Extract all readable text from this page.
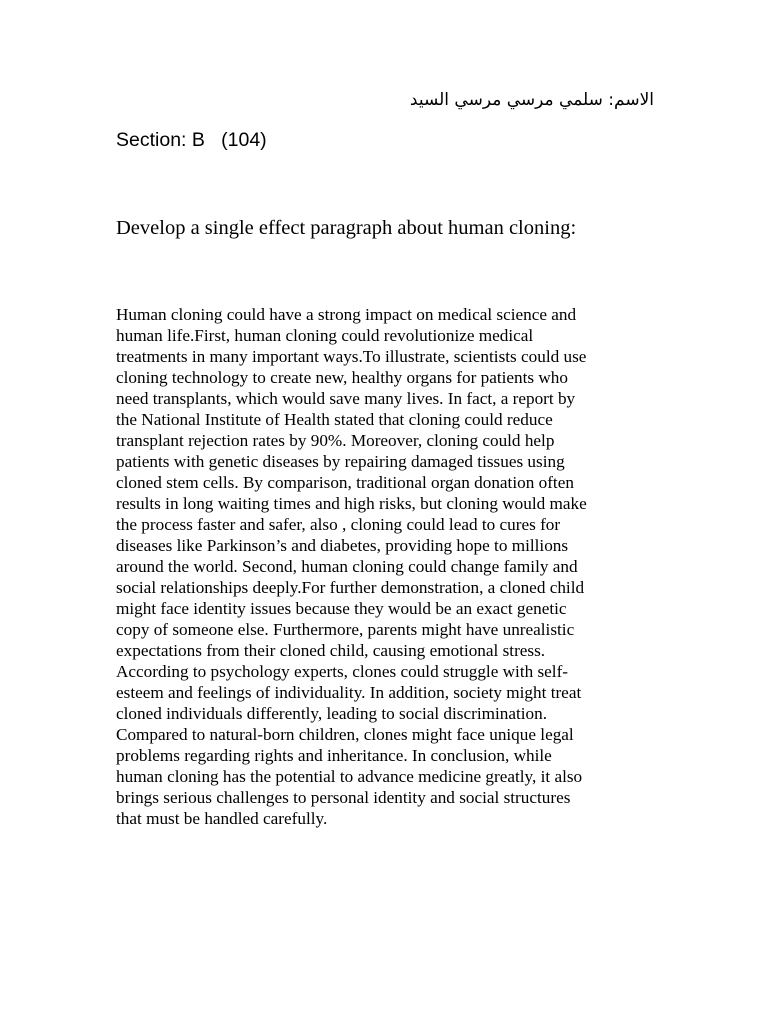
الاسم: سلمي مرسي مرسي السيد
Section: B   (104)
Develop a single effect paragraph about human cloning:

Human cloning could have a strong impact on medical science and
human life.First, human cloning could revolutionize medical
treatments in many important ways.To illustrate, scientists could use
cloning technology to create new, healthy organs for patients who
need transplants, which would save many lives. In fact, a report by
the National Institute of Health stated that cloning could reduce
transplant rejection rates by 90%. Moreover, cloning could help
patients with genetic diseases by repairing damaged tissues using
cloned stem cells. By comparison, traditional organ donation often
results in long waiting times and high risks, but cloning would make
the process faster and safer, also , cloning could lead to cures for
diseases like Parkinson’s and diabetes, providing hope to millions
around the world. Second, human cloning could change family and
social relationships deeply.For further demonstration, a cloned child
might face identity issues because they would be an exact genetic
copy of someone else. Furthermore, parents might have unrealistic
expectations from their cloned child, causing emotional stress.
According to psychology experts, clones could struggle with self-
esteem and feelings of individuality. In addition, society might treat
cloned individuals differently, leading to social discrimination.
Compared to natural-born children, clones might face unique legal
problems regarding rights and inheritance. In conclusion, while
human cloning has the potential to advance medicine greatly, it also
brings serious challenges to personal identity and social structures
that must be handled carefully.
